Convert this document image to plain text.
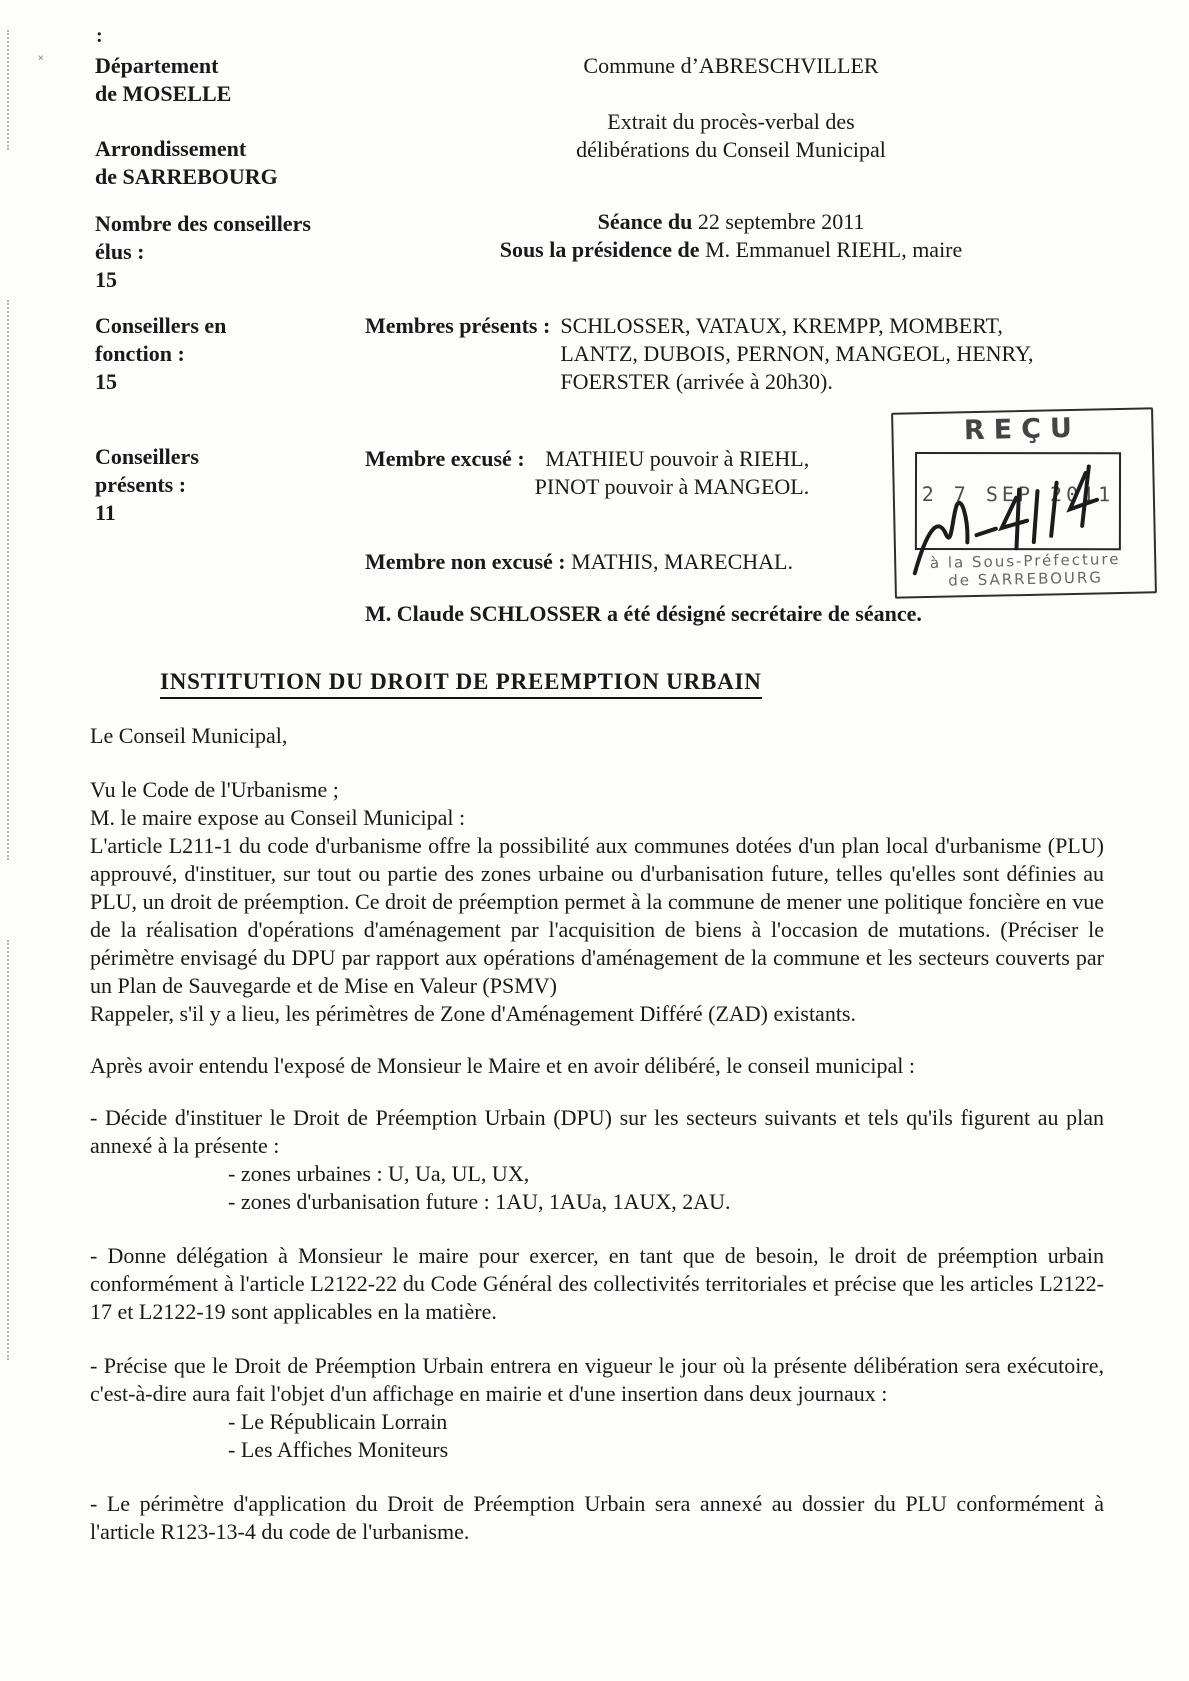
˟
:
Département
de MOSELLE
Arrondissement
de SARREBOURG
Nombre des conseillers
élus :
15
Conseillers en
fonction :
15
Conseillers
présents :
11
Commune d’ABRESCHVILLER
Extrait du procès-verbal des
délibérations du Conseil Municipal
Séance du 22 septembre 2011
Sous la présidence de M. Emmanuel RIEHL, maire
Membres présents : SCHLOSSER, VATAUX, KREMPP, MOMBERT,
LANTZ, DUBOIS, PERNON, MANGEOL, HENRY,
FOERSTER (arrivée à 20h30).
Membre excusé : MATHIEU pouvoir à RIEHL,
PINOT pouvoir à MANGEOL.
Membre non excusé : MATHIS, MARECHAL.
M. Claude SCHLOSSER a été désigné secrétaire de séance.
REÇU
2 7 SEP 2011
à la Sous-Préfecture
de SARREBOURG
INSTITUTION DU DROIT DE PREEMPTION URBAIN

Le Conseil Municipal,

Vu le Code de l'Urbanisme ;

M. le maire expose au Conseil Municipal :

L'article L211-1 du code d'urbanisme offre la possibilité aux communes dotées d'un plan local d'urbanisme (PLU) approuvé, d'instituer, sur tout ou partie des zones urbaine ou d'urbanisation future, telles qu'elles sont définies au PLU, un droit de préemption. Ce droit de préemption permet à la commune de mener une politique foncière en vue de la réalisation d'opérations d'aménagement par l'acquisition de biens à l'occasion de mutations. (Préciser le périmètre envisagé du DPU par rapport aux opérations d'aménagement de la commune et les secteurs couverts par un Plan de Sauvegarde et de Mise en Valeur (PSMV)

Rappeler, s'il y a lieu, les périmètres de Zone d'Aménagement Différé (ZAD) existants.

Après avoir entendu l'exposé de Monsieur le Maire et en avoir délibéré, le conseil municipal :

- Décide d'instituer le Droit de Préemption Urbain (DPU) sur les secteurs suivants et tels qu'ils figurent au plan annexé à la présente :

- zones urbaines : U, Ua, UL, UX,

- zones d'urbanisation future : 1AU, 1AUa, 1AUX, 2AU.

- Donne délégation à Monsieur le maire pour exercer, en tant que de besoin, le droit de préemption urbain conformément à l'article L2122-22 du Code Général des collectivités territoriales et précise que les articles L2122-17 et L2122-19 sont applicables en la matière.

- Précise que le Droit de Préemption Urbain entrera en vigueur le jour où la présente délibération sera exécutoire, c'est-à-dire aura fait l'objet d'un affichage en mairie et d'une insertion dans deux journaux :

- Le Républicain Lorrain

- Les Affiches Moniteurs

- Le périmètre d'application du Droit de Préemption Urbain sera annexé au dossier du PLU conformément à l'article R123-13-4 du code de l'urbanisme.
